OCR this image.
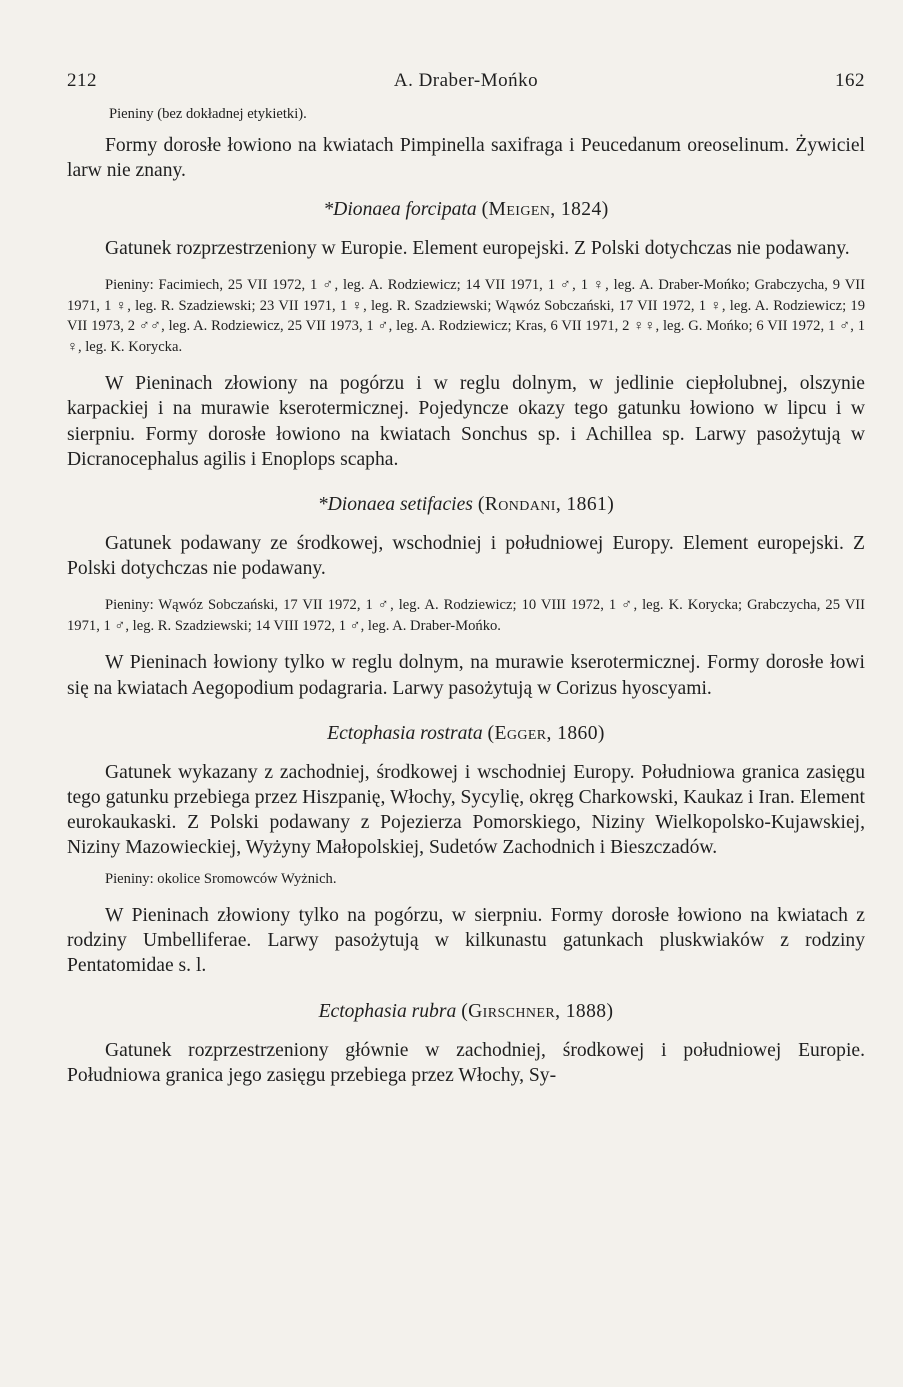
212	A. Draber-Mońko	162
Pieniny (bez dokładnej etykietki).

Formy dorosłe łowiono na kwiatach Pimpinella saxifraga i Peucedanum oreoselinum. Żywiciel larw nie znany.

*Dionaea forcipata (Meigen, 1824)

Gatunek rozprzestrzeniony w Europie. Element europejski. Z Polski dotychczas nie podawany.

Pieniny: Facimiech, 25 VII 1972, 1 ♂, leg. A. Rodziewicz; 14 VII 1971, 1 ♂, 1 ♀, leg. A. Draber-Mońko; Grabczycha, 9 VII 1971, 1 ♀, leg. R. Szadziewski; 23 VII 1971, 1 ♀, leg. R. Szadziewski; Wąwóz Sobczański, 17 VII 1972, 1 ♀, leg. A. Rodziewicz; 19 VII 1973, 2 ♂♂, leg. A. Rodziewicz, 25 VII 1973, 1 ♂, leg. A. Rodziewicz; Kras, 6 VII 1971, 2 ♀♀, leg. G. Mońko; 6 VII 1972, 1 ♂, 1 ♀, leg. K. Korycka.

W Pieninach złowiony na pogórzu i w reglu dolnym, w jedlinie ciepłolubnej, olszynie karpackiej i na murawie kserotermicznej. Pojedyncze okazy tego gatunku łowiono w lipcu i w sierpniu. Formy dorosłe łowiono na kwiatach Sonchus sp. i Achillea sp. Larwy pasożytują w Dicranocephalus agilis i Enoplops scapha.

*Dionaea setifacies (Rondani, 1861)

Gatunek podawany ze środkowej, wschodniej i południowej Europy. Element europejski. Z Polski dotychczas nie podawany.

Pieniny: Wąwóz Sobczański, 17 VII 1972, 1 ♂, leg. A. Rodziewicz; 10 VIII 1972, 1 ♂, leg. K. Korycka; Grabczycha, 25 VII 1971, 1 ♂, leg. R. Szadziewski; 14 VIII 1972, 1 ♂, leg. A. Draber-Mońko.

W Pieninach łowiony tylko w reglu dolnym, na murawie kserotermicznej. Formy dorosłe łowi się na kwiatach Aegopodium podagraria. Larwy pasożytują w Corizus hyoscyami.

Ectophasia rostrata (Egger, 1860)

Gatunek wykazany z zachodniej, środkowej i wschodniej Europy. Południowa granica zasięgu tego gatunku przebiega przez Hiszpanię, Włochy, Sycylię, okręg Charkowski, Kaukaz i Iran. Element eurokaukaski. Z Polski podawany z Pojezierza Pomorskiego, Niziny Wielkopolsko-Kujawskiej, Niziny Mazowieckiej, Wyżyny Małopolskiej, Sudetów Zachodnich i Bieszczadów.

Pieniny: okolice Sromowców Wyżnich.

W Pieninach złowiony tylko na pogórzu, w sierpniu. Formy dorosłe łowiono na kwiatach z rodziny Umbelliferae. Larwy pasożytują w kilkunastu gatunkach pluskwiaków z rodziny Pentatomidae s. l.

Ectophasia rubra (Girschner, 1888)

Gatunek rozprzestrzeniony głównie w zachodniej, środkowej i południowej Europie. Południowa granica jego zasięgu przebiega przez Włochy, Sy-
